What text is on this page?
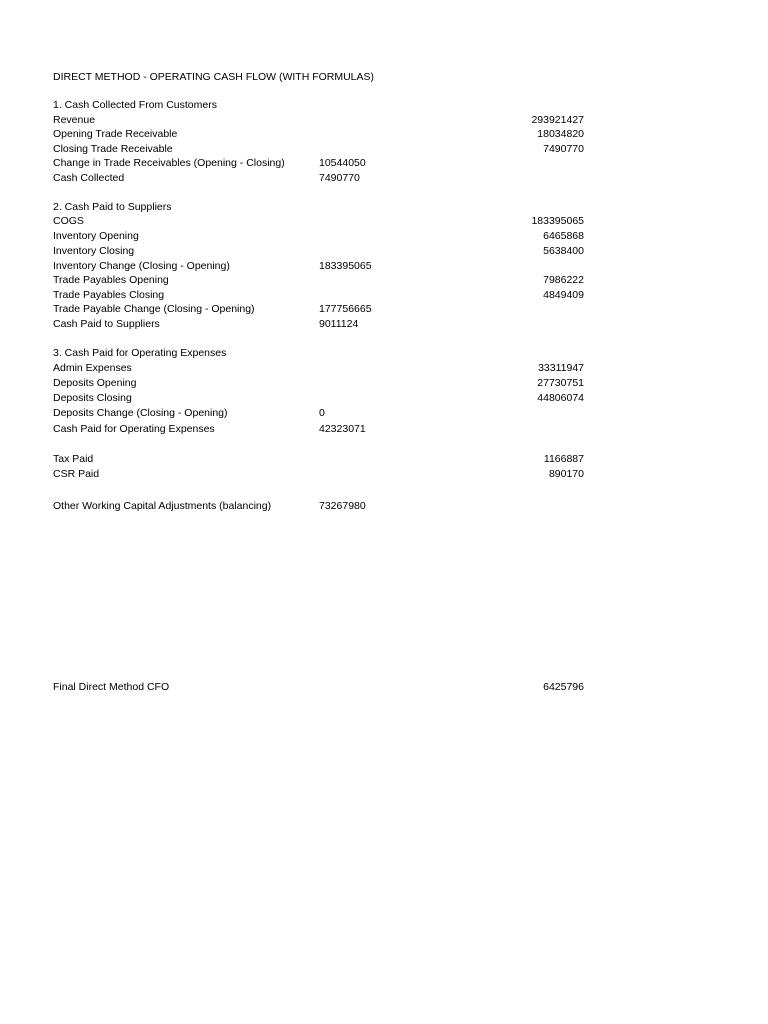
DIRECT METHOD - OPERATING CASH FLOW (WITH FORMULAS)
1. Cash Collected From Customers
Revenue	293921427
Opening Trade Receivable	18034820
Closing Trade Receivable	7490770
Change in Trade Receivables (Opening - Closing)	10544050
Cash Collected	7490770
2. Cash Paid to Suppliers
COGS	183395065
Inventory Opening	6465868
Inventory Closing	5638400
Inventory Change (Closing - Opening)	183395065
Trade Payables Opening	7986222
Trade Payables Closing	4849409
Trade Payable Change (Closing - Opening)	177756665
Cash Paid to Suppliers	9011124
3. Cash Paid for Operating Expenses
Admin Expenses	33311947
Deposits Opening	27730751
Deposits Closing	44806074
Deposits Change (Closing - Opening)	0
Cash Paid for Operating Expenses	42323071
Tax Paid	1166887
CSR Paid	890170
Other Working Capital Adjustments (balancing)	73267980
Final Direct Method CFO	6425796
